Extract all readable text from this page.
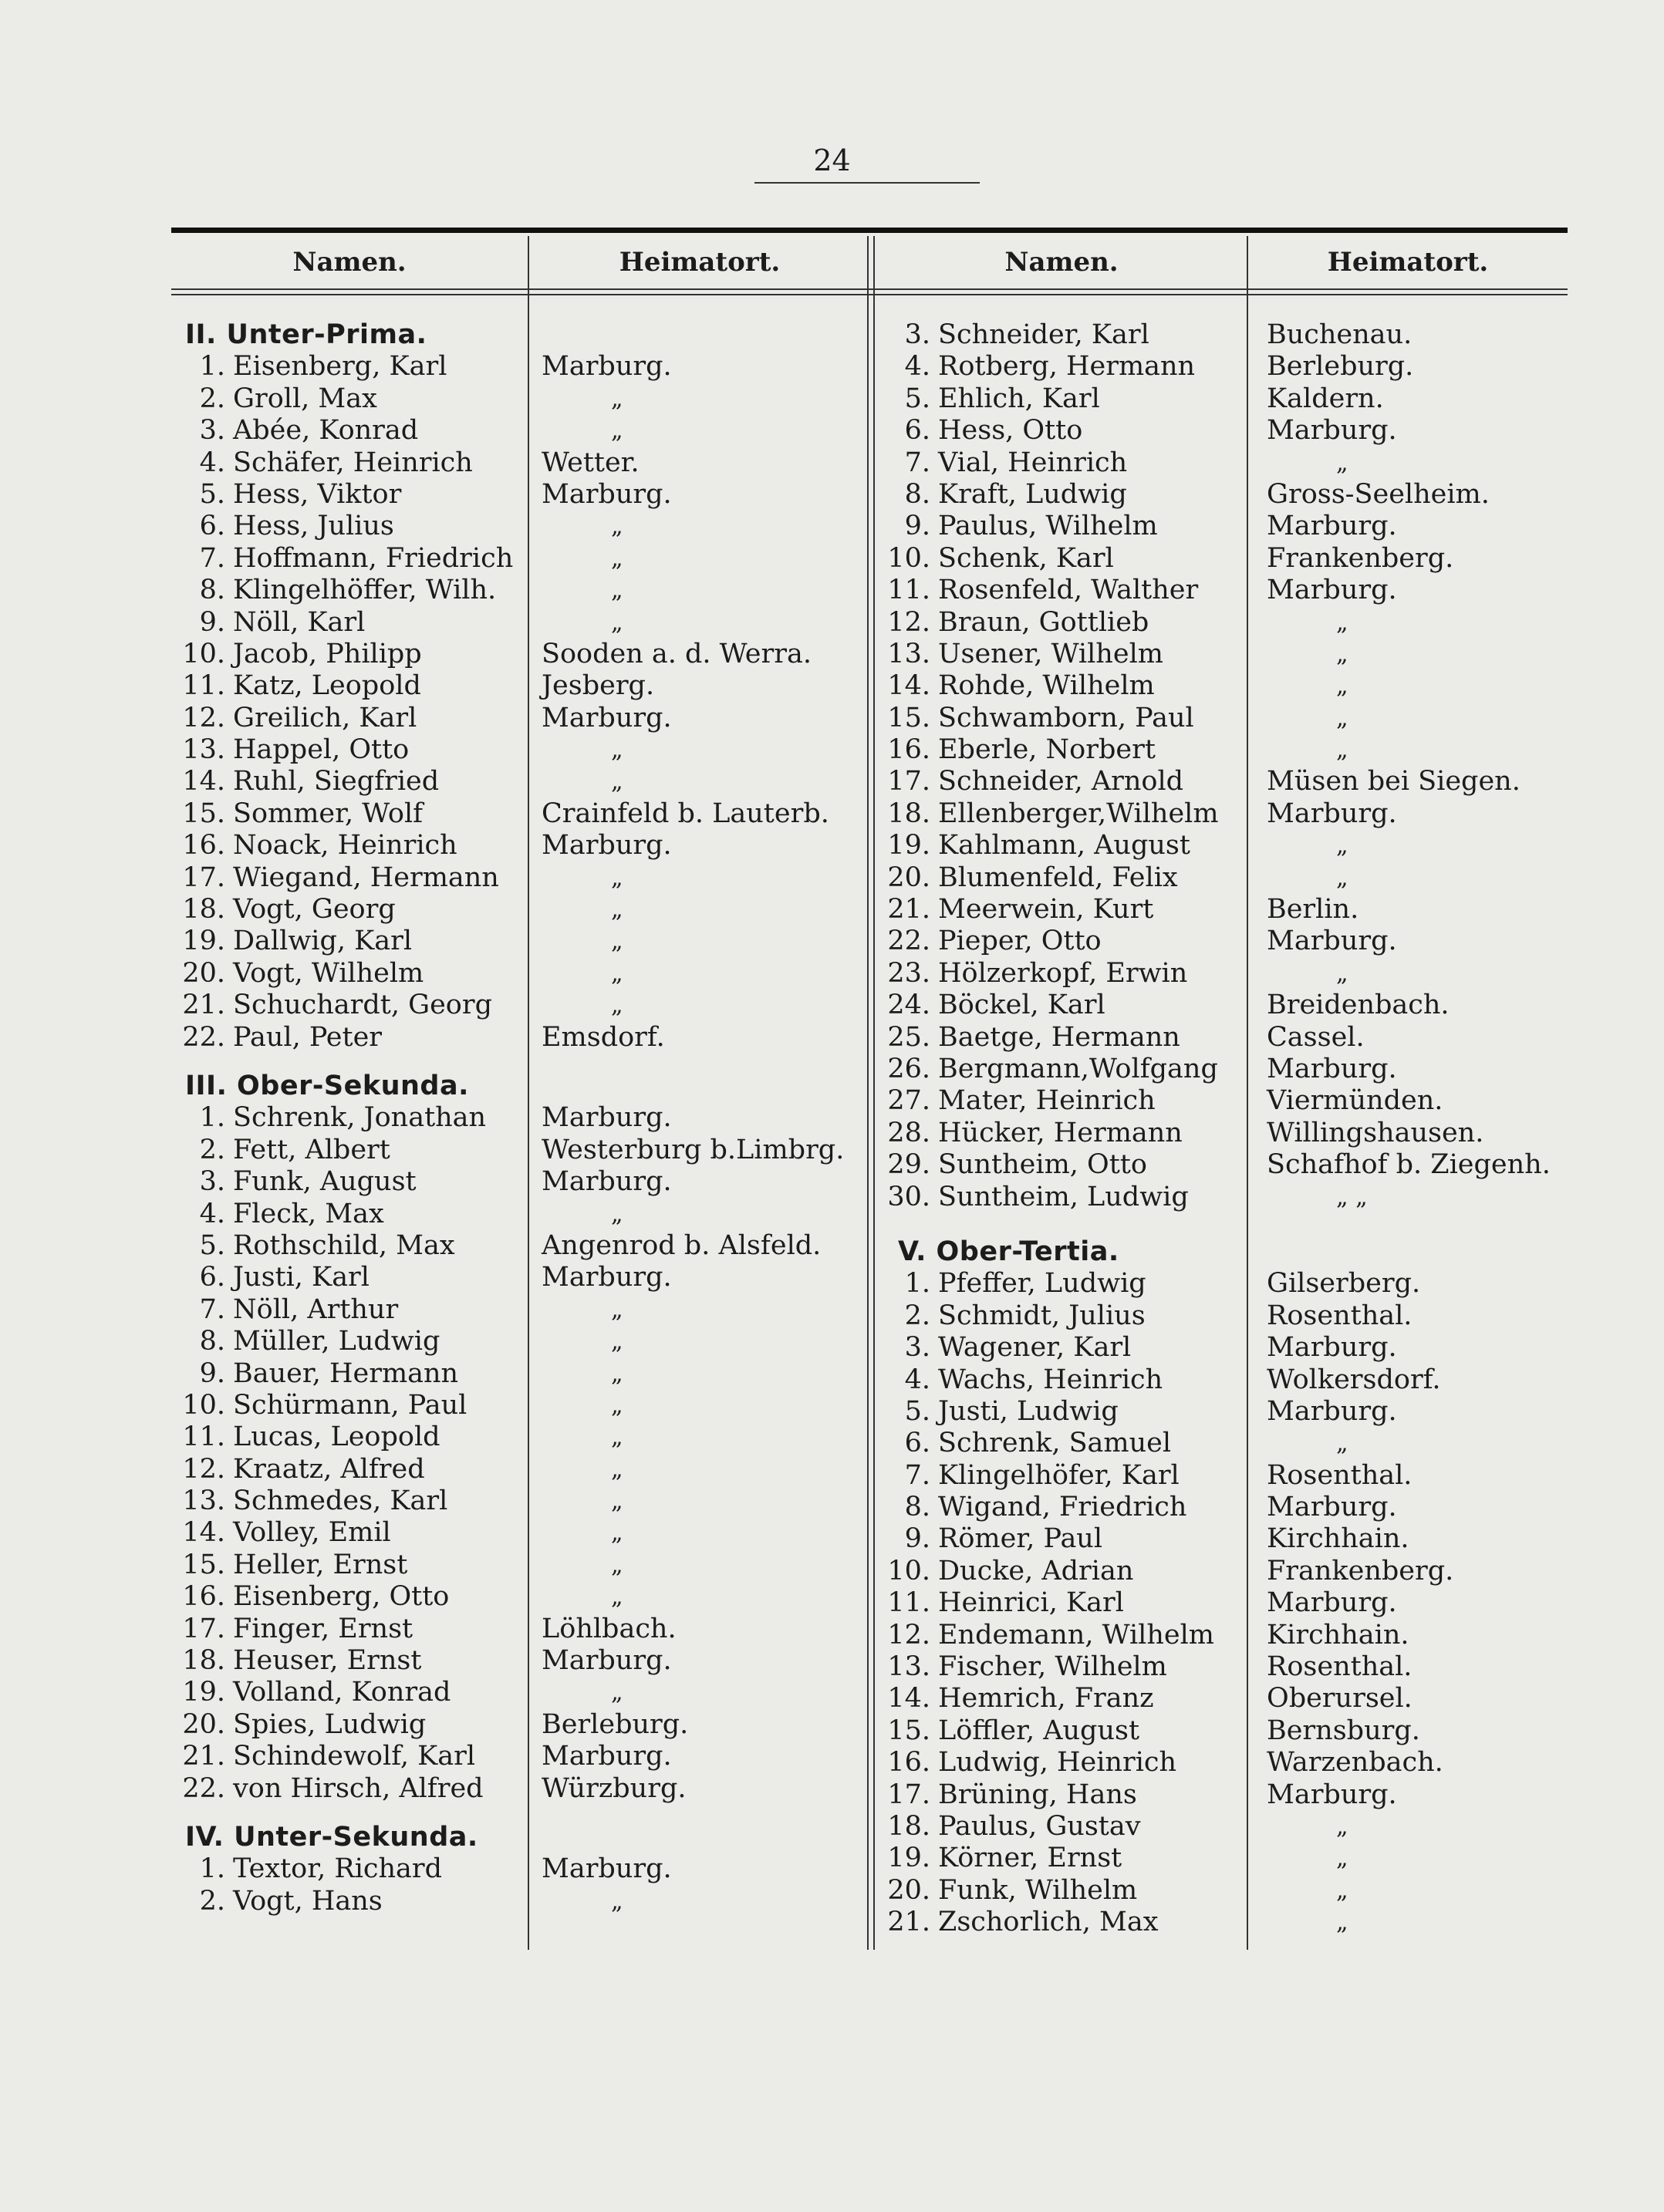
24
Namen.	Heimatort.	Namen.	Heimatort.
II. Unter-Prima.
1. Eisenberg, Karl	Marburg.
2. Groll, Max	„
3. Abée, Konrad	„
4. Schäfer, Heinrich	Wetter.
5. Hess, Viktor	Marburg.
6. Hess, Julius	„
7. Hoffmann, Friedrich	„
8. Klingelhöffer, Wilh.	„
9. Nöll, Karl	„
10. Jacob, Philipp	Sooden a. d. Werra.
11. Katz, Leopold	Jesberg.
12. Greilich, Karl	Marburg.
13. Happel, Otto	„
14. Ruhl, Siegfried	„
15. Sommer, Wolf	Crainfeld b. Lauterb.
16. Noack, Heinrich	Marburg.
17. Wiegand, Hermann	„
18. Vogt, Georg	„
19. Dallwig, Karl	„
20. Vogt, Wilhelm	„
21. Schuchardt, Georg	„
22. Paul, Peter	Emsdorf.
III. Ober-Sekunda.
1. Schrenk, Jonathan Marburg.
2. Fett, Albert	Westerburg b.Limbrg.
3. Funk, August	Marburg.
4. Fleck, Max	„
5. Rothschild, Max	Angenrod b. Alsfeld.
6. Justi, Karl	Marburg.
7. Nöll, Arthur	„
8. Müller, Ludwig	„
9. Bauer, Hermann	„
10. Schürmann, Paul	„
11. Lucas, Leopold	„
12. Kraatz, Alfred	„
13. Schmedes, Karl	„
14. Volley, Emil	„
15. Heller, Ernst	„
16. Eisenberg, Otto	„
17. Finger, Ernst	Löhlbach.
18. Heuser, Ernst	Marburg.
19. Volland, Konrad	„
20. Spies, Ludwig	Berleburg.
21. Schindewolf, Karl Marburg.
22. von Hirsch, Alfred Würzburg.
IV. Unter-Sekunda.
1. Textor, Richard	Marburg.
2. Vogt, Hans	„
3. Schneider, Karl	Buchenau.
4. Rotberg, Hermann	Berleburg.
5. Ehlich, Karl	Kaldern.
6. Hess, Otto	Marburg.
7. Vial, Heinrich	„
8. Kraft, Ludwig	Gross-Seelheim.
9. Paulus, Wilhelm	Marburg.
10. Schenk, Karl	Frankenberg.
11. Rosenfeld, Walther	Marburg.
12. Braun, Gottlieb	„
13. Usener, Wilhelm	„
14. Rohde, Wilhelm	„
15. Schwamborn, Paul	„
16. Eberle, Norbert	„
17. Schneider, Arnold	Müsen bei Siegen.
18. Ellenberger,Wilhelm Marburg.
19. Kahlmann, August	„
20. Blumenfeld, Felix	„
21. Meerwein, Kurt	Berlin.
22. Pieper, Otto	Marburg.
23. Hölzerkopf, Erwin	„
24. Böckel, Karl	Breidenbach.
25. Baetge, Hermann	Cassel.
26. Bergmann,Wolfgang Marburg.
27. Mater, Heinrich	Viermünden.
28. Hücker, Hermann	Willingshausen.
29. Suntheim, Otto	Schafhof b. Ziegenh.
30. Suntheim, Ludwig	„ „
V. Ober-Tertia.
1. Pfeffer, Ludwig	Gilserberg.
2. Schmidt, Julius	Rosenthal.
3. Wagener, Karl	Marburg.
4. Wachs, Heinrich	Wolkersdorf.
5. Justi, Ludwig	Marburg.
6. Schrenk, Samuel	„
7. Klingelhöfer, Karl	Rosenthal.
8. Wigand, Friedrich	Marburg.
9. Römer, Paul	Kirchhain.
10. Ducke, Adrian	Frankenberg.
11. Heinrici, Karl	Marburg.
12. Endemann, Wilhelm Kirchhain.
13. Fischer, Wilhelm	Rosenthal.
14. Hemrich, Franz	Oberursel.
15. Löffler, August	Bernsburg.
16. Ludwig, Heinrich	Warzenbach.
17. Brüning, Hans	Marburg.
18. Paulus, Gustav	„
19. Körner, Ernst	„
20. Funk, Wilhelm	„
21. Zschorlich, Max	„
